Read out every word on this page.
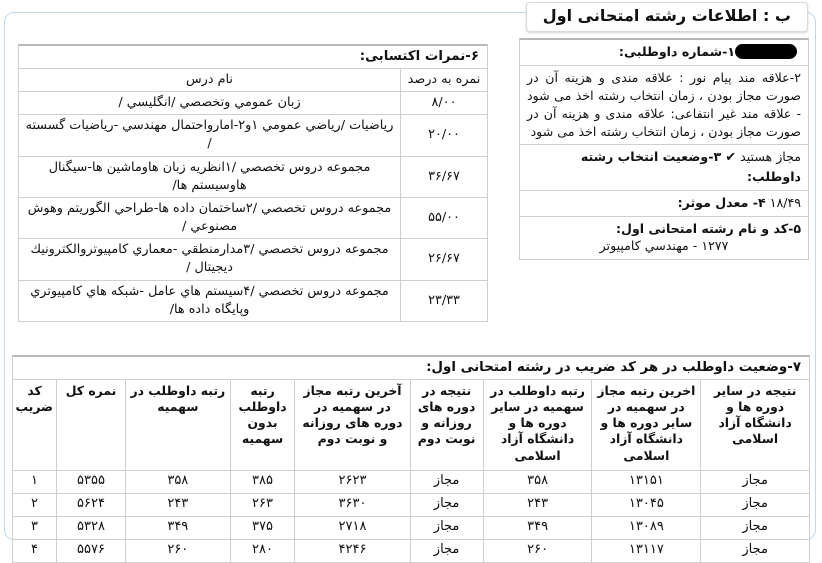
ب : اطلاعات رشته امتحانی اول
۱-شماره داوطلبی:
۲-علاقه مند پیام نور : علاقه مندی و هزینه آن در صورت مجاز بودن ، زمان انتخاب رشته اخذ می شود - علاقه مند غیر انتفاعی: علاقه مندی و هزینه آن در صورت مجاز بودن ، زمان انتخاب رشته اخذ می شود
مجاز هستید ✔ ۳-وضعیت انتخاب رشته داوطلب:
۱۸/۴۹ ۴- معدل موثر:
۵-کد و نام رشته امتحانی اول:
۱۲۷۷ - مهندسي کامپیوتر
۶-نمرات اکتسابی:
نمره به درصد	نام درس
۸/۰۰	زبان عمومي وتخصصي /انگلیسي /
۲۰/۰۰	ریاضیات /ریاضي عمومي ۱و۲-امارواحتمال مهندسي -ریاضیات گسسته /
۳۶/۶۷	مجموعه دروس تخصصي /۱انظریه زبان هاوماشین ها-سیگنال هاوسیستم ها/
۵۵/۰۰	مجموعه دروس تخصصي /۲ساختمان داده ها-طراحي الگوریتم وهوش مصنوعي /
۲۶/۶۷	مجموعه دروس تخصصي /۳مدارمنطقي -معماري کامپیوتروالکترونیك دیجیتال /
۲۳/۳۳	مجموعه دروس تخصصي /۴سیستم هاي عامل -شبكه هاي کامپیوتري وپایگاه داده ها/
۷-وضعیت داوطلب در هر کد ضریب در رشته امتحانی اول:
نتیجه در سایر دوره ها و دانشگاه آزاد اسلامی	اخرین رتبه مجاز در سهمیه در سایر دوره ها و دانشگاه آزاد اسلامی	رتبه داوطلب در سهمیه در سایر دوره ها و دانشگاه آزاد اسلامی	نتیجه در دوره های روزانه و نوبت دوم	آخرین رتبه مجاز در سهمیه در دوره های روزانه و نوبت دوم	رتبه داوطلب بدون سهمیه	رتبه داوطلب در سهمیه	نمره کل	کد ضریب
مجاز	۱۳۱۵۱	۳۵۸	مجاز	۲۶۲۳	۳۸۵	۳۵۸	۵۳۵۵	۱
مجاز	۱۳۰۴۵	۲۴۳	مجاز	۳۶۳۰	۲۶۳	۲۴۳	۵۶۲۴	۲
مجاز	۱۳۰۸۹	۳۴۹	مجاز	۲۷۱۸	۳۷۵	۳۴۹	۵۳۲۸	۳
مجاز	۱۳۱۱۷	۲۶۰	مجاز	۴۲۴۶	۲۸۰	۲۶۰	۵۵۷۶	۴
